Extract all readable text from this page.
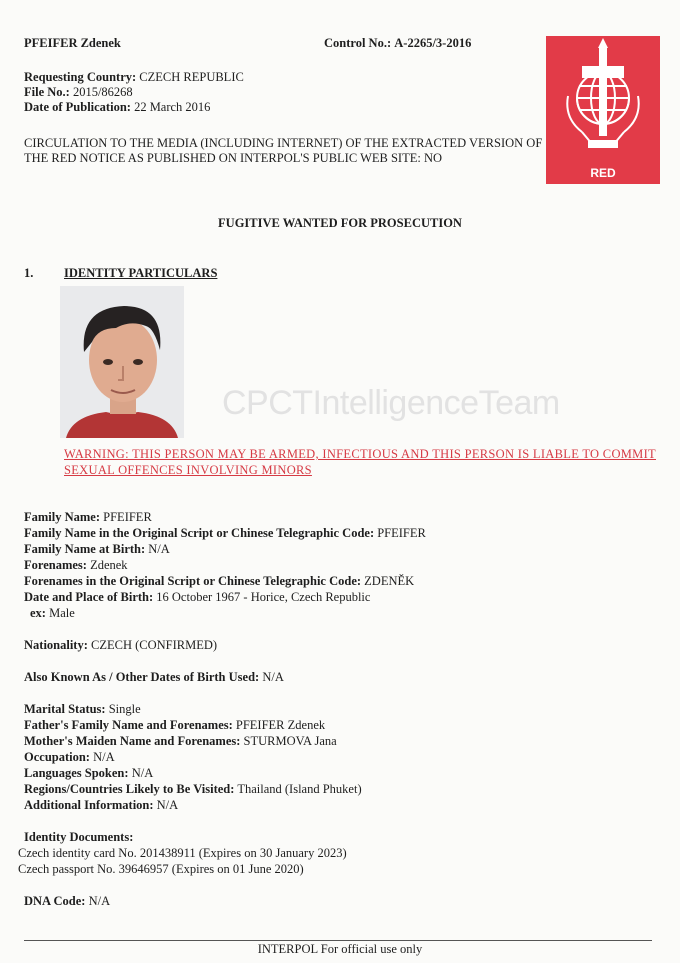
PFEIFER Zdenek	Control No.: A-2265/3-2016
Requesting Country: CZECH REPUBLIC
File No.: 2015/86268
Date of Publication: 22 March 2016
CIRCULATION TO THE MEDIA (INCLUDING INTERNET) OF THE EXTRACTED VERSION OF THE RED NOTICE AS PUBLISHED ON INTERPOL'S PUBLIC WEB SITE: NO
RED
FUGITIVE WANTED FOR PROSECUTION
1. IDENTITY PARTICULARS
CPCTIntelligenceTeam
WARNING: THIS PERSON MAY BE ARMED, INFECTIOUS AND THIS PERSON IS LIABLE TO COMMIT SEXUAL OFFENCES INVOLVING MINORS
Family Name: PFEIFER
Family Name in the Original Script or Chinese Telegraphic Code: PFEIFER
Family Name at Birth: N/A
Forenames: Zdenek
Forenames in the Original Script or Chinese Telegraphic Code: ZDENĚK
Date and Place of Birth: 16 October 1967 - Horice, Czech Republic
ex: Male
Nationality: CZECH (CONFIRMED)
Also Known As / Other Dates of Birth Used: N/A
Marital Status: Single
Father's Family Name and Forenames: PFEIFER Zdenek
Mother's Maiden Name and Forenames: STURMOVA Jana
Occupation: N/A
Languages Spoken: N/A
Regions/Countries Likely to Be Visited: Thailand (Island Phuket)
Additional Information: N/A
Identity Documents:
Czech identity card No. 201438911 (Expires on 30 January 2023)
Czech passport No. 39646957 (Expires on 01 June 2020)
DNA Code: N/A
INTERPOL For official use only
